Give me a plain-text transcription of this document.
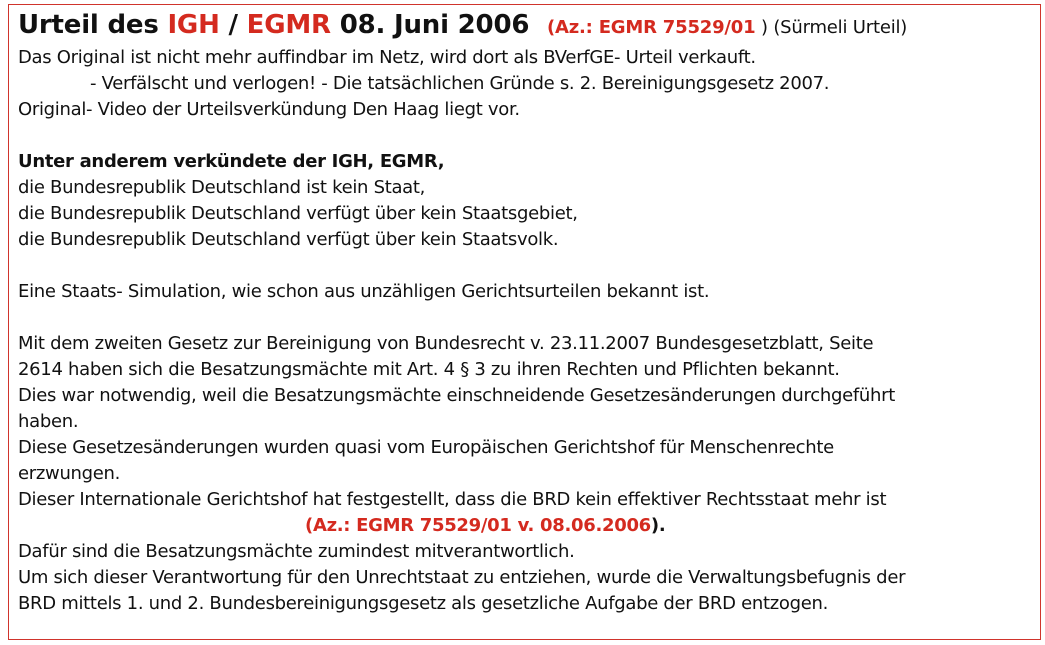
Urteil des IGH / EGMR 08. Juni 2006 (Az.: EGMR 75529/01 ) (Sürmeli Urteil)
Das Original ist nicht mehr auffindbar im Netz, wird dort als BVerfGE- Urteil verkauft.
- Verfälscht und verlogen! - Die tatsächlichen Gründe s. 2. Bereinigungsgesetz 2007.
Original- Video der Urteilsverkündung Den Haag liegt vor.
Unter anderem verkündete der IGH, EGMR,
die Bundesrepublik Deutschland ist kein Staat,
die Bundesrepublik Deutschland verfügt über kein Staatsgebiet,
die Bundesrepublik Deutschland verfügt über kein Staatsvolk.
Eine Staats- Simulation, wie schon aus unzähligen Gerichtsurteilen bekannt ist.
Mit dem zweiten Gesetz zur Bereinigung von Bundesrecht v. 23.11.2007 Bundesgesetzblatt, Seite
2614 haben sich die Besatzungsmächte mit Art. 4 § 3 zu ihren Rechten und Pflichten bekannt.
Dies war notwendig, weil die Besatzungsmächte einschneidende Gesetzesänderungen durchgeführt
haben.
Diese Gesetzesänderungen wurden quasi vom Europäischen Gerichtshof für Menschenrechte
erzwungen.
Dieser Internationale Gerichtshof hat festgestellt, dass die BRD kein effektiver Rechtsstaat mehr ist
(Az.: EGMR 75529/01 v. 08.06.2006).
Dafür sind die Besatzungsmächte zumindest mitverantwortlich.
Um sich dieser Verantwortung für den Unrechtstaat zu entziehen, wurde die Verwaltungsbefugnis der
BRD mittels 1. und 2. Bundesbereinigungsgesetz als gesetzliche Aufgabe der BRD entzogen.
